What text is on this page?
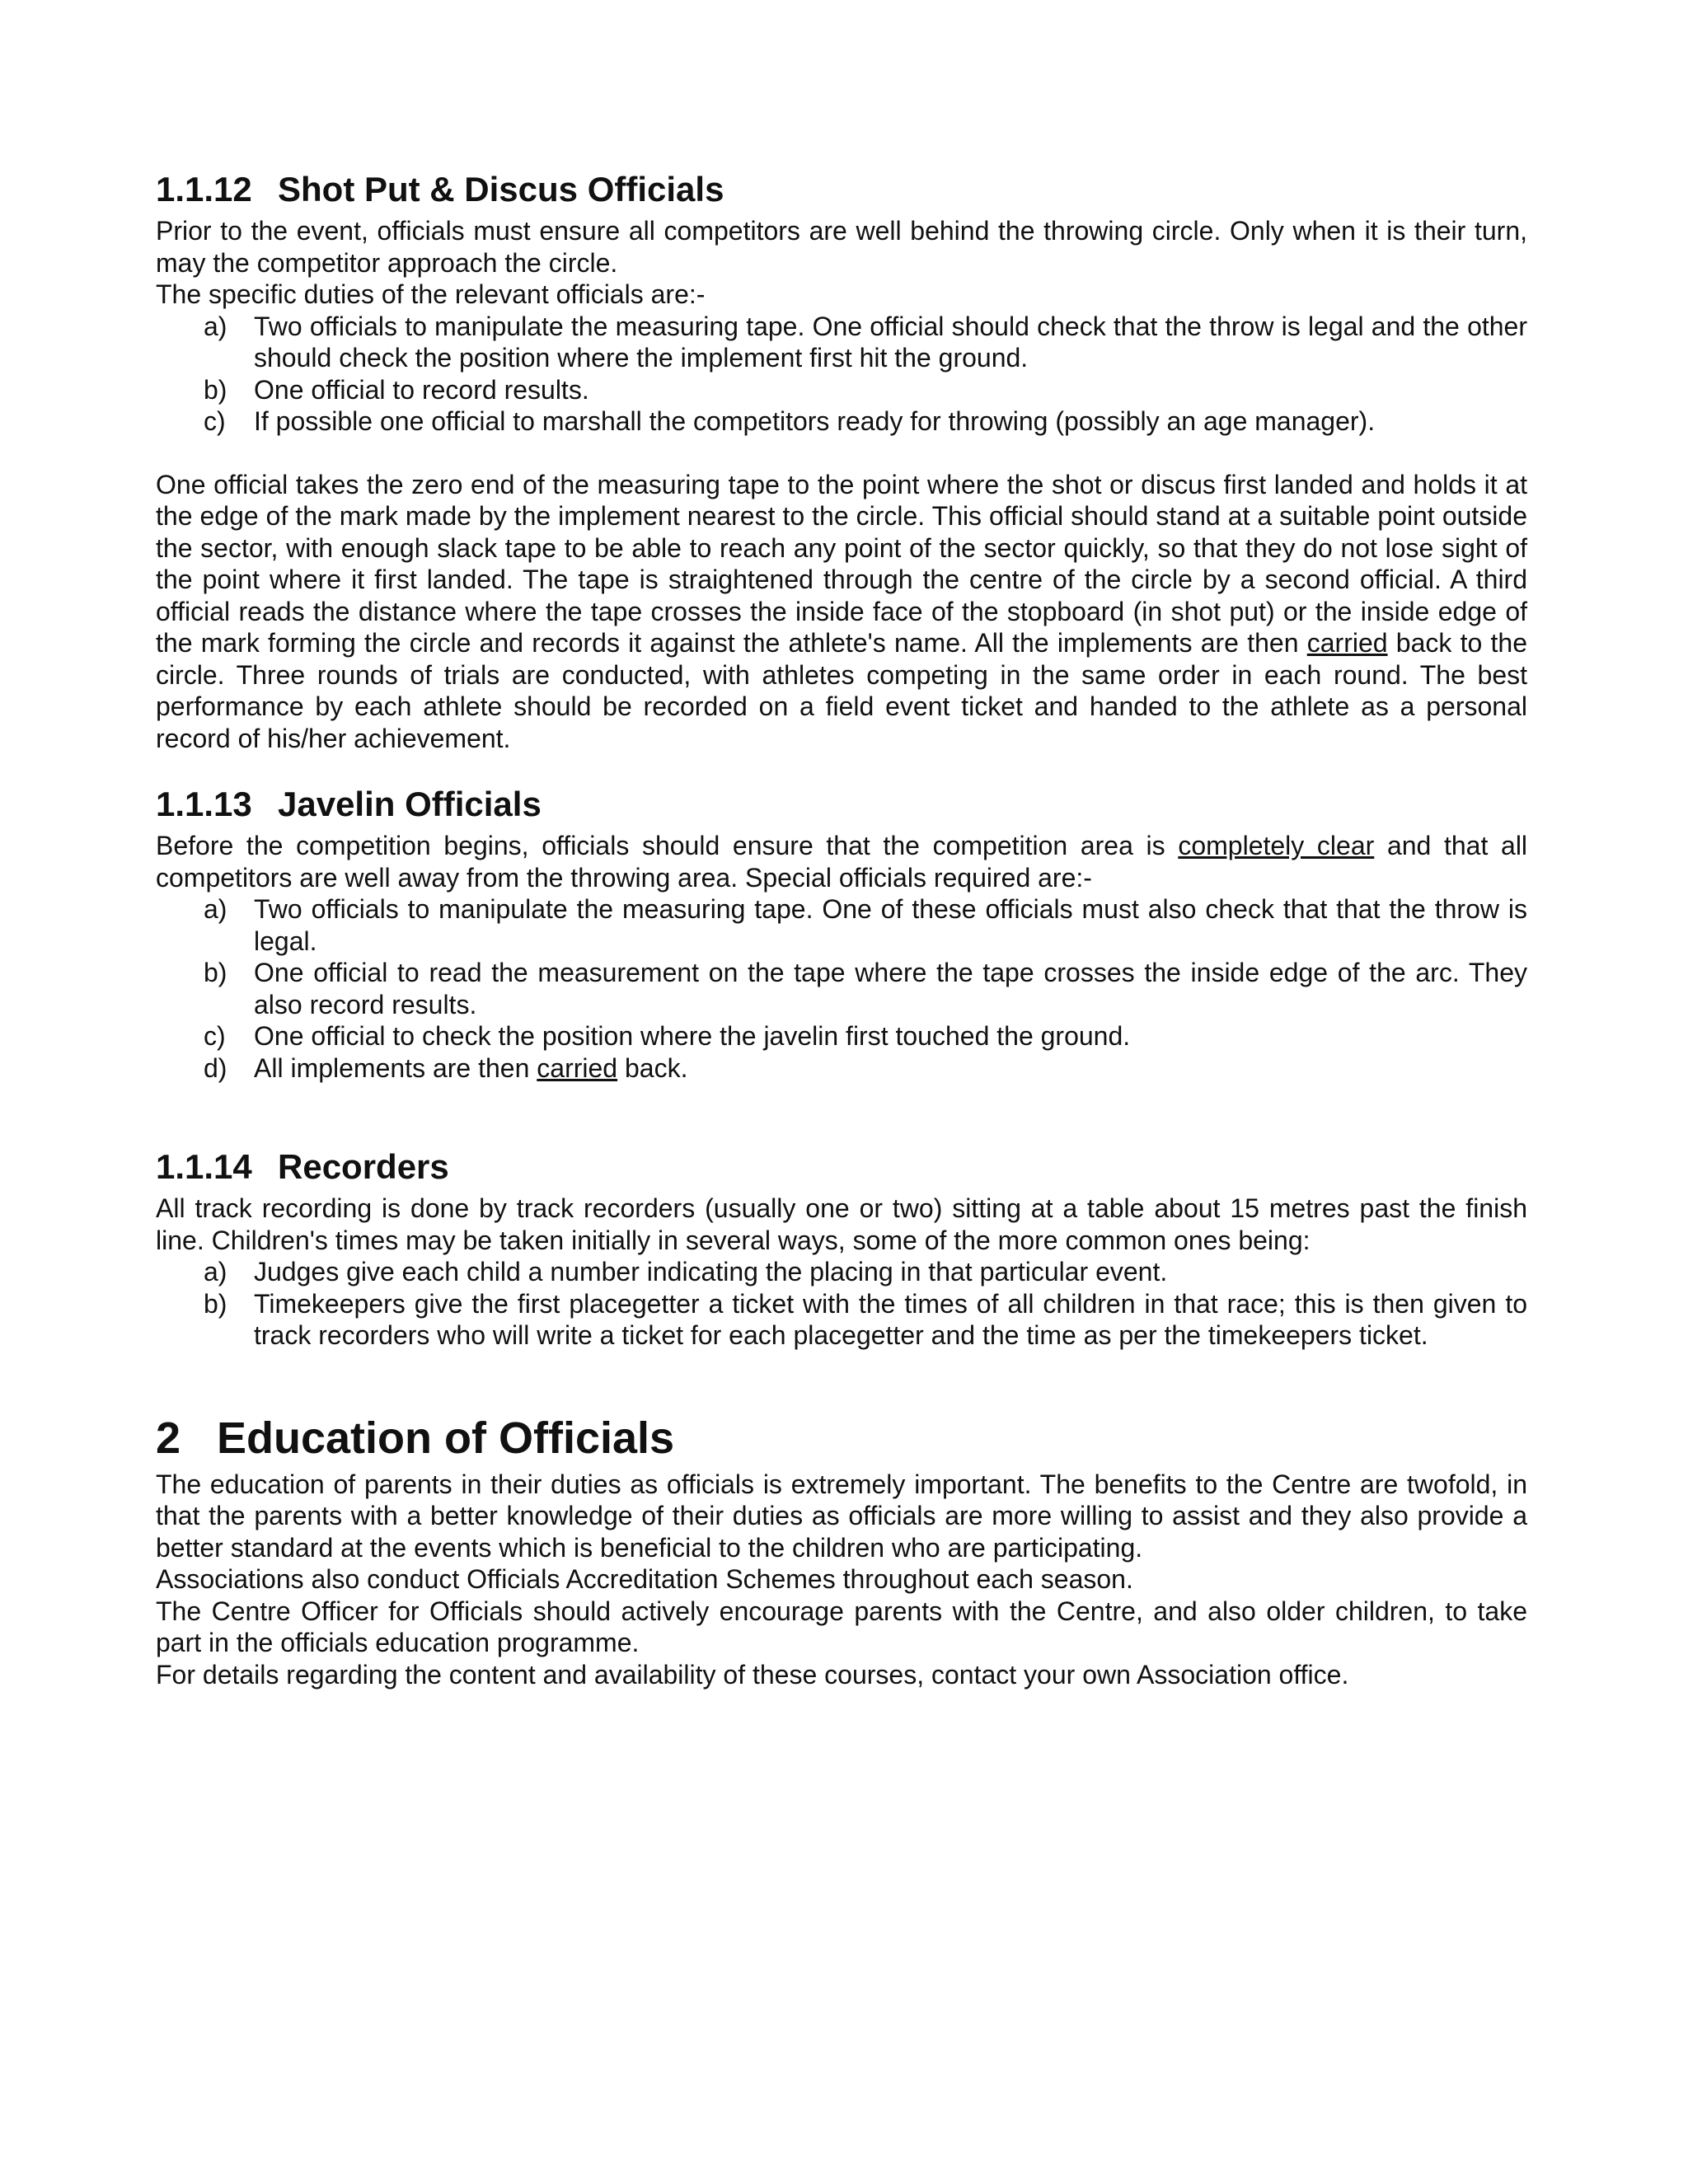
1.1.12 Shot Put & Discus Officials

Prior to the event, officials must ensure all competitors are well behind the throwing circle. Only when it is their turn, may the competitor approach the circle.

The specific duties of the relevant officials are:-

a) Two officials to manipulate the measuring tape. One official should check that the throw is legal and the other should check the position where the implement first hit the ground.
b) One official to record results.
c) If possible one official to marshall the competitors ready for throwing (possibly an age manager).

One official takes the zero end of the measuring tape to the point where the shot or discus first landed and holds it at the edge of the mark made by the implement nearest to the circle. This official should stand at a suitable point outside the sector, with enough slack tape to be able to reach any point of the sector quickly, so that they do not lose sight of the point where it first landed. The tape is straightened through the centre of the circle by a second official. A third official reads the distance where the tape crosses the inside face of the stopboard (in shot put) or the inside edge of the mark forming the circle and records it against the athlete's name. All the implements are then carried back to the circle. Three rounds of trials are conducted, with athletes competing in the same order in each round. The best performance by each athlete should be recorded on a field event ticket and handed to the athlete as a personal record of his/her achievement.

1.1.13 Javelin Officials

Before the competition begins, officials should ensure that the competition area is completely clear and that all competitors are well away from the throwing area. Special officials required are:-

a) Two officials to manipulate the measuring tape. One of these officials must also check that that the throw is legal.
b) One official to read the measurement on the tape where the tape crosses the inside edge of the arc. They also record results.
c) One official to check the position where the javelin first touched the ground.
d) All implements are then carried back.
1.1.14 Recorders

All track recording is done by track recorders (usually one or two) sitting at a table about 15 metres past the finish line. Children's times may be taken initially in several ways, some of the more common ones being:

a) Judges give each child a number indicating the placing in that particular event.
b) Timekeepers give the first placegetter a ticket with the times of all children in that race; this is then given to track recorders who will write a ticket for each placegetter and the time as per the timekeepers ticket.
2 Education of Officials

The education of parents in their duties as officials is extremely important. The benefits to the Centre are twofold, in that the parents with a better knowledge of their duties as officials are more willing to assist and they also provide a better standard at the events which is beneficial to the children who are participating.

Associations also conduct Officials Accreditation Schemes throughout each season.

The Centre Officer for Officials should actively encourage parents with the Centre, and also older children, to take part in the officials education programme.

For details regarding the content and availability of these courses, contact your own Association office.
